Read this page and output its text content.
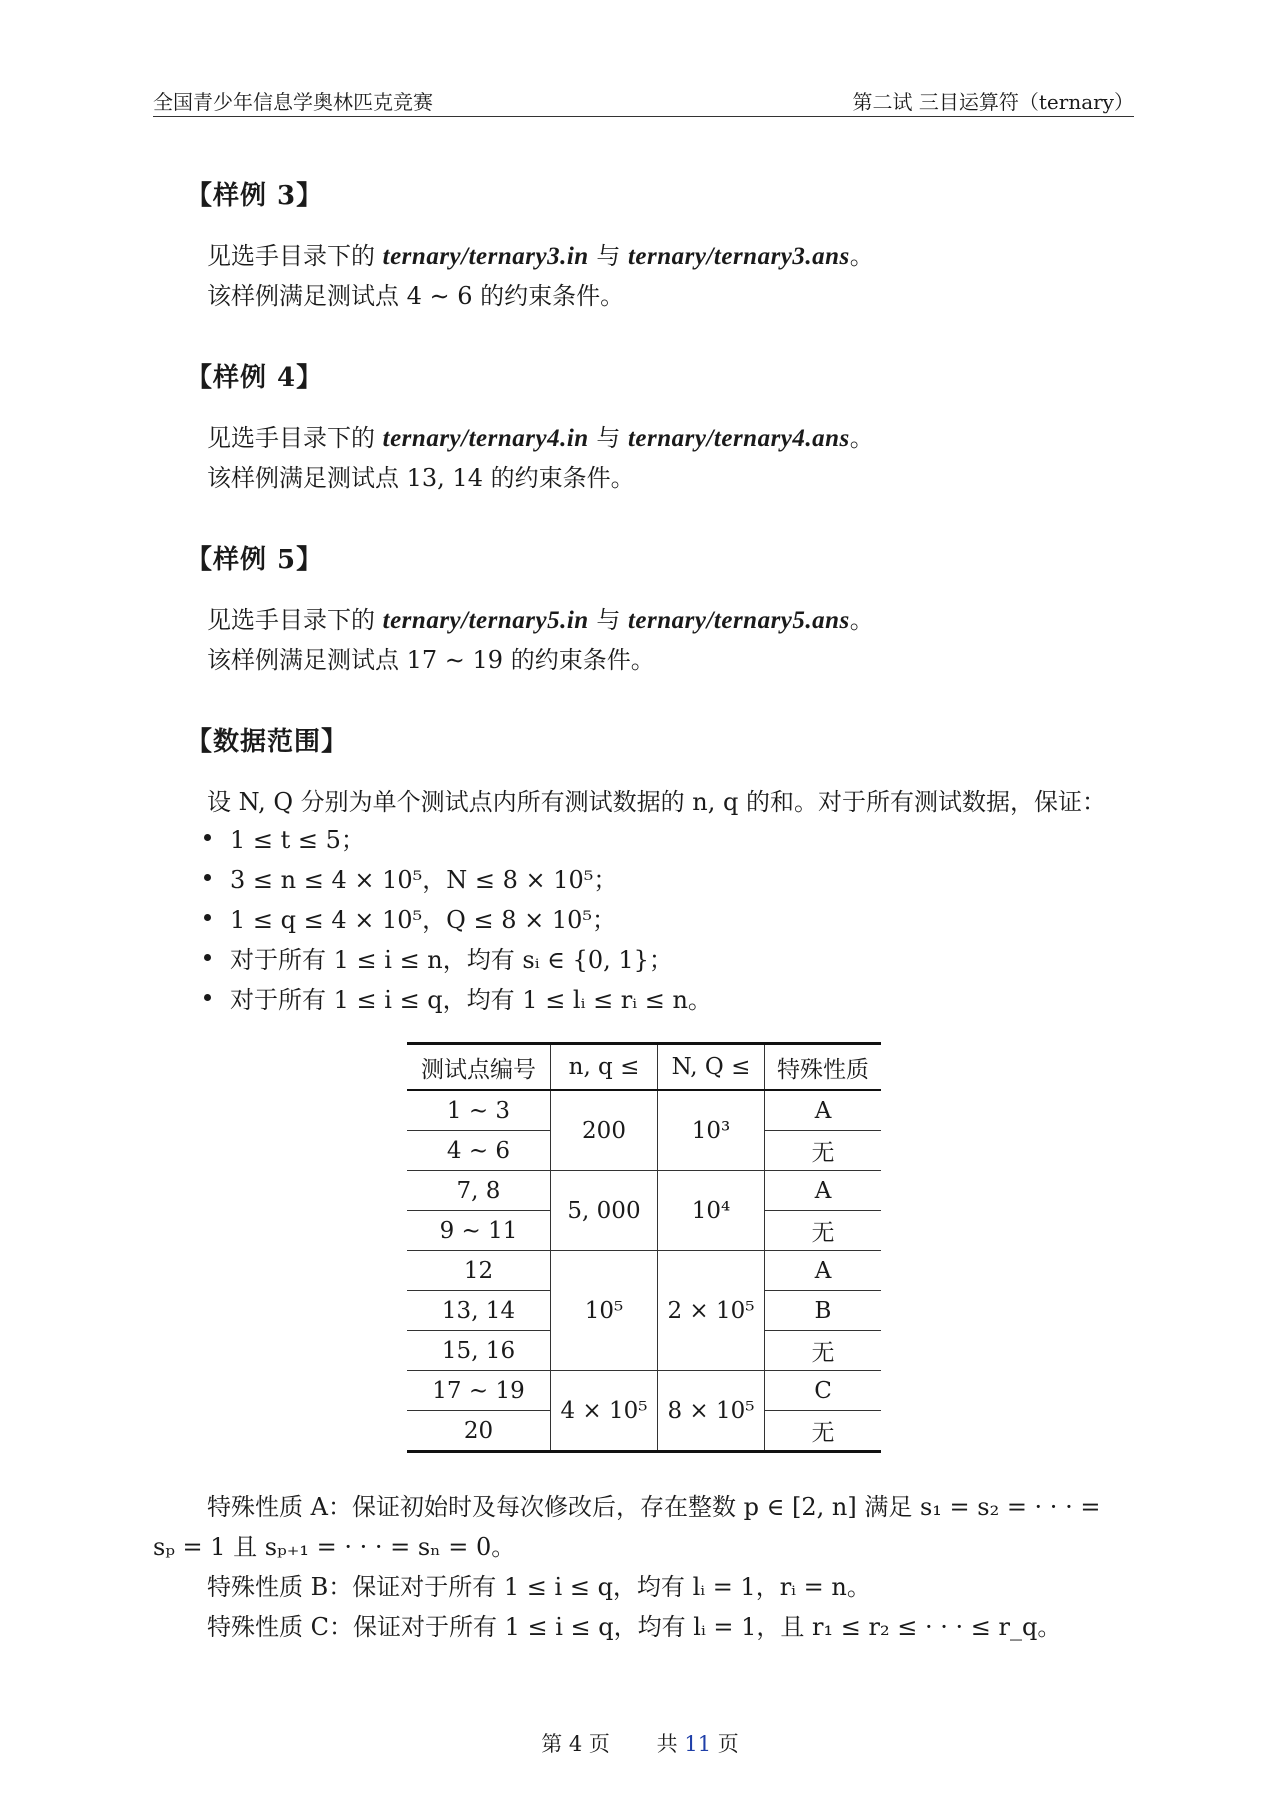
全国青少年信息学奥林匹克竞赛	第二试 三目运算符（ternary）
【样例 3】
见选手目录下的 ternary/ternary3.in 与 ternary/ternary3.ans。
该样例满足测试点 4 ∼ 6 的约束条件。
【样例 4】
见选手目录下的 ternary/ternary4.in 与 ternary/ternary4.ans。
该样例满足测试点 13, 14 的约束条件。
【样例 5】
见选手目录下的 ternary/ternary5.in 与 ternary/ternary5.ans。
该样例满足测试点 17 ∼ 19 的约束条件。
【数据范围】
设 N, Q 分别为单个测试点内所有测试数据的 n, q 的和。对于所有测试数据，保证：
1 ≤ t ≤ 5；
3 ≤ n ≤ 4 × 10⁵，N ≤ 8 × 10⁵；
1 ≤ q ≤ 4 × 10⁵，Q ≤ 8 × 10⁵；
对于所有 1 ≤ i ≤ n，均有 sᵢ ∈ {0, 1}；
对于所有 1 ≤ i ≤ q，均有 1 ≤ lᵢ ≤ rᵢ ≤ n。
测试点编号	n, q ≤	N, Q ≤	特殊性质
1 ∼ 3	200	10³	A
4 ∼ 6			无
7, 8	5, 000	10⁴	A
9 ∼ 11			无
12	10⁵	2 × 10⁵	A
13, 14			B
15, 16			无
17 ∼ 19	4 × 10⁵	8 × 10⁵	C
20			无
特殊性质 A：保证初始时及每次修改后，存在整数 p ∈ [2, n] 满足 s₁ = s₂ = · · · =
sₚ = 1 且 sₚ₊₁ = · · · = sₙ = 0。
特殊性质 B：保证对于所有 1 ≤ i ≤ q，均有 lᵢ = 1，rᵢ = n。
特殊性质 C：保证对于所有 1 ≤ i ≤ q，均有 lᵢ = 1，且 r₁ ≤ r₂ ≤ · · · ≤ r_q。
第 4 页 共 11 页
